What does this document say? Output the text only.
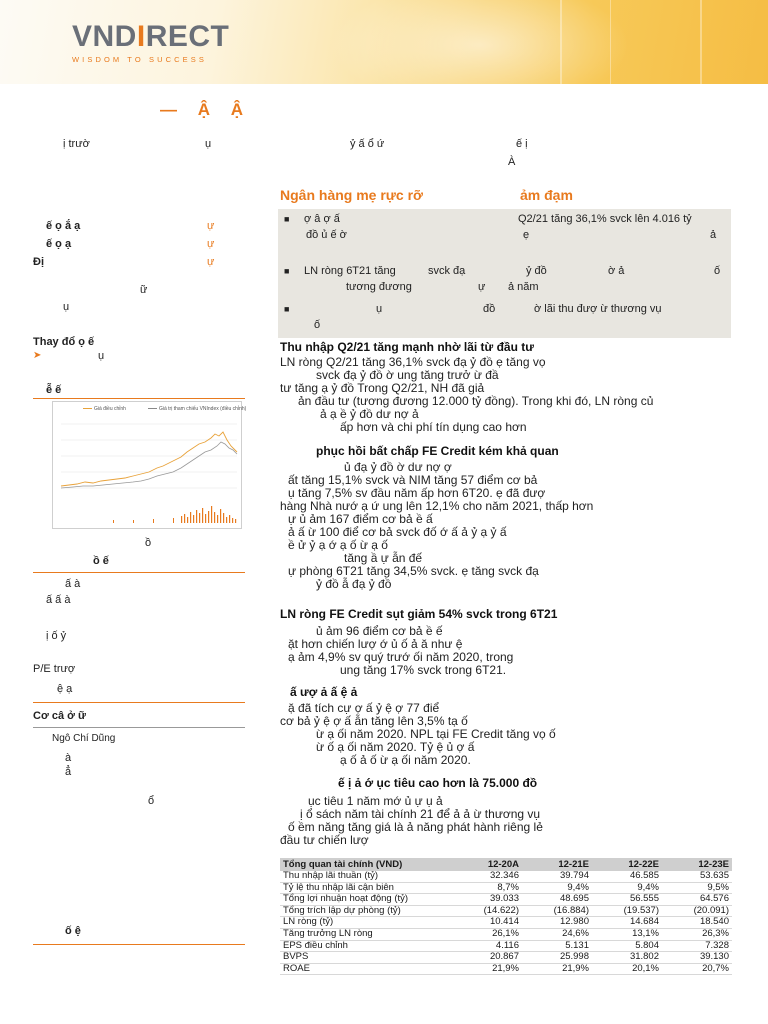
VNDIRECT
WISDOM TO SUCCESS
— Ậ Ậ
ị trườ	ụ	ỷ ấ ổ ứ	ế ị
À
ế ọ ắ ạ	ự
ế ọ ạ	ự
Đị	ự
ữ
ụ
Thay đổ ọ ế
➤	ụ
ễ ế
Giá điều chỉnh	Giá trị tham chiếu VNIndex (điều chỉnh)
ồ
ồ ế
ấ à
ấ ấ à
ị ố ỷ
P/E trượ
ệ ạ
Cơ câ ở ữ
Ngô Chí Dũng
à
ẳ
ổ
ố ệ
Ngân hàng mẹ rực rỡ	ảm đạm
■ ợ â ợ ấ	Q2/21 tăng 36,1% svck lên 4.016 tỷ
đồ ủ ế ờ	ẹ	ả
■ LN ròng 6T21 tăng	svck đạ	ỷ đồ	ờ ả	ố
tương đương	ự ả năm
■	ụ	đồ	ờ lãi thu đượ ừ thương vụ
ố
Thu nhập Q2/21 tăng mạnh nhờ lãi từ đầu tư
LN ròng Q2/21 tăng 36,1% svck đạ ỷ đồ ẹ tăng vọ
svck đạ ỷ đồ ờ ung tăng trưở ừ đầ
tư tăng ạ ỷ đồ Trong Q2/21, NH đã giả
ản đầu tư (tương đương 12.000 tỷ đồng). Trong khi đó, LN ròng củ
ả ạ ề ỷ đồ dư nợ ả
ấp hơn và chi phí tín dụng cao hơn
phục hồi bất chấp FE Credit kém khả quan
ủ đạ ỷ đồ ờ dư nợ ợ
ất tăng 15,1% svck và NIM tăng 57 điểm cơ bả
ụ tăng 7,5% sv đầu năm ấp hơn 6T20. ẹ đã đượ
hàng Nhà nướ ạ ứ ung lên 12,1% cho năm 2021, thấp hơn
ự ủ ảm 167 điểm cơ bả ề ấ
ả ấ ừ 100 điể cơ bả svck đố ớ ấ ả ỷ ạ ỷ ấ
ề ử ỷ ạ ớ ạ ố ừ ạ ố
tăng ầ ự ẫn đế
ự phòng 6T21 tăng 34,5% svck. ẹ tăng svck đạ
ỷ đồ ẫ đạ ỷ đồ
LN ròng FE Credit sụt giảm 54% svck trong 6T21
ủ ảm 96 điểm cơ bả ề ế
ặt hơn chiến lượ ớ ủ ố ả ă như ệ
ạ ảm 4,9% sv quý trướ ối năm 2020, trong
ung tăng 17% svck trong 6T21.
ấ ượ ả ấ ệ ả
ặ đã tích cự ợ ấ ỷ ệ ợ 77 điể
cơ bả ỷ ệ ợ ấ ẫn tăng lên 3,5% tạ ố
ừ ạ ối năm 2020. NPL tại FE Credit tăng vọ ố
ừ ố ạ ối năm 2020. Tỷ ệ ủ ợ ấ
ạ ố ả ố ừ ạ ối năm 2020.
ế ị ả ớ ục tiêu cao hơn là 75.000 đồ
ục tiêu 1 năm mớ ủ ự ụ ả
ị ổ sách năm tài chính 21 để ả ả ừ thương vụ
ố ềm năng tăng giá là ả năng phát hành riêng lẻ
đầu tư chiến lượ
Tổng quan tài chính (VND)	12-20A	12-21E	12-22E	12-23E
Thu nhập lãi thuần (tỷ)	32.346	39.794	46.585	53.635
Tỷ lệ thu nhập lãi cận biên	8,7%	9,4%	9,4%	9,5%
Tổng lợi nhuận hoạt động (tỷ)	39.033	48.695	56.555	64.576
Tổng trích lập dự phòng (tỷ)	(14.622)	(16.884)	(19.537)	(20.091)
LN ròng (tỷ)	10.414	12.980	14.684	18.540
Tăng trưởng LN ròng	26,1%	24,6%	13,1%	26,3%
EPS điều chỉnh	4.116	5.131	5.804	7.328
BVPS	20.867	25.998	31.802	39.130
ROAE	21,9%	21,9%	20,1%	20,7%
